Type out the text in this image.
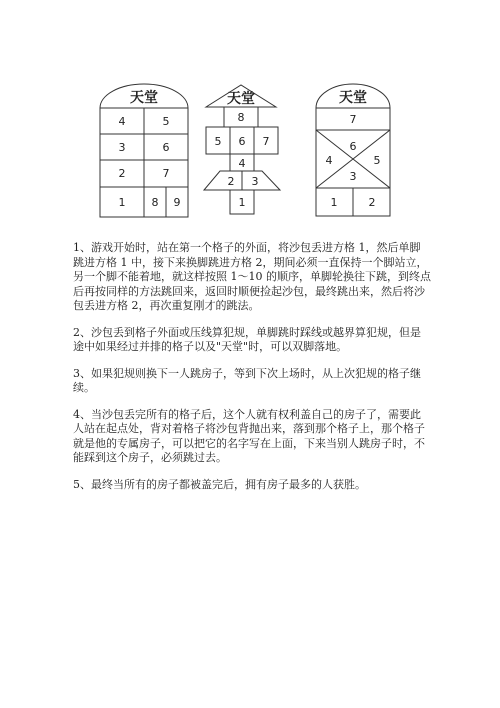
天堂
4	5
3	6
2	7
1 8 9
天堂
8
5 6 7
4
2 3
1
天堂
7
6
4	5
3
1	2

1、游戏开始时，站在第一个格子的外面，将沙包丢进方格 1，然后单脚跳进方格 1 中，接下来换脚跳进方格 2，期间必须一直保持一个脚站立，另一个脚不能着地，就这样按照 1～10 的顺序，单脚轮换往下跳，到终点后再按同样的方法跳回来，返回时顺便捡起沙包，最终跳出来，然后将沙包丢进方格 2，再次重复刚才的跳法。

2、沙包丢到格子外面或压线算犯规，单脚跳时踩线或越界算犯规，但是途中如果经过并排的格子以及"天堂"时，可以双脚落地。

3、如果犯规则换下一人跳房子，等到下次上场时，从上次犯规的格子继续。

4、当沙包丢完所有的格子后，这个人就有权利盖自己的房子了，需要此人站在起点处，背对着格子将沙包背抛出来，落到那个格子上，那个格子就是他的专属房子，可以把它的名字写在上面，下来当别人跳房子时，不能踩到这个房子，必须跳过去。

5、最终当所有的房子都被盖完后，拥有房子最多的人获胜。
